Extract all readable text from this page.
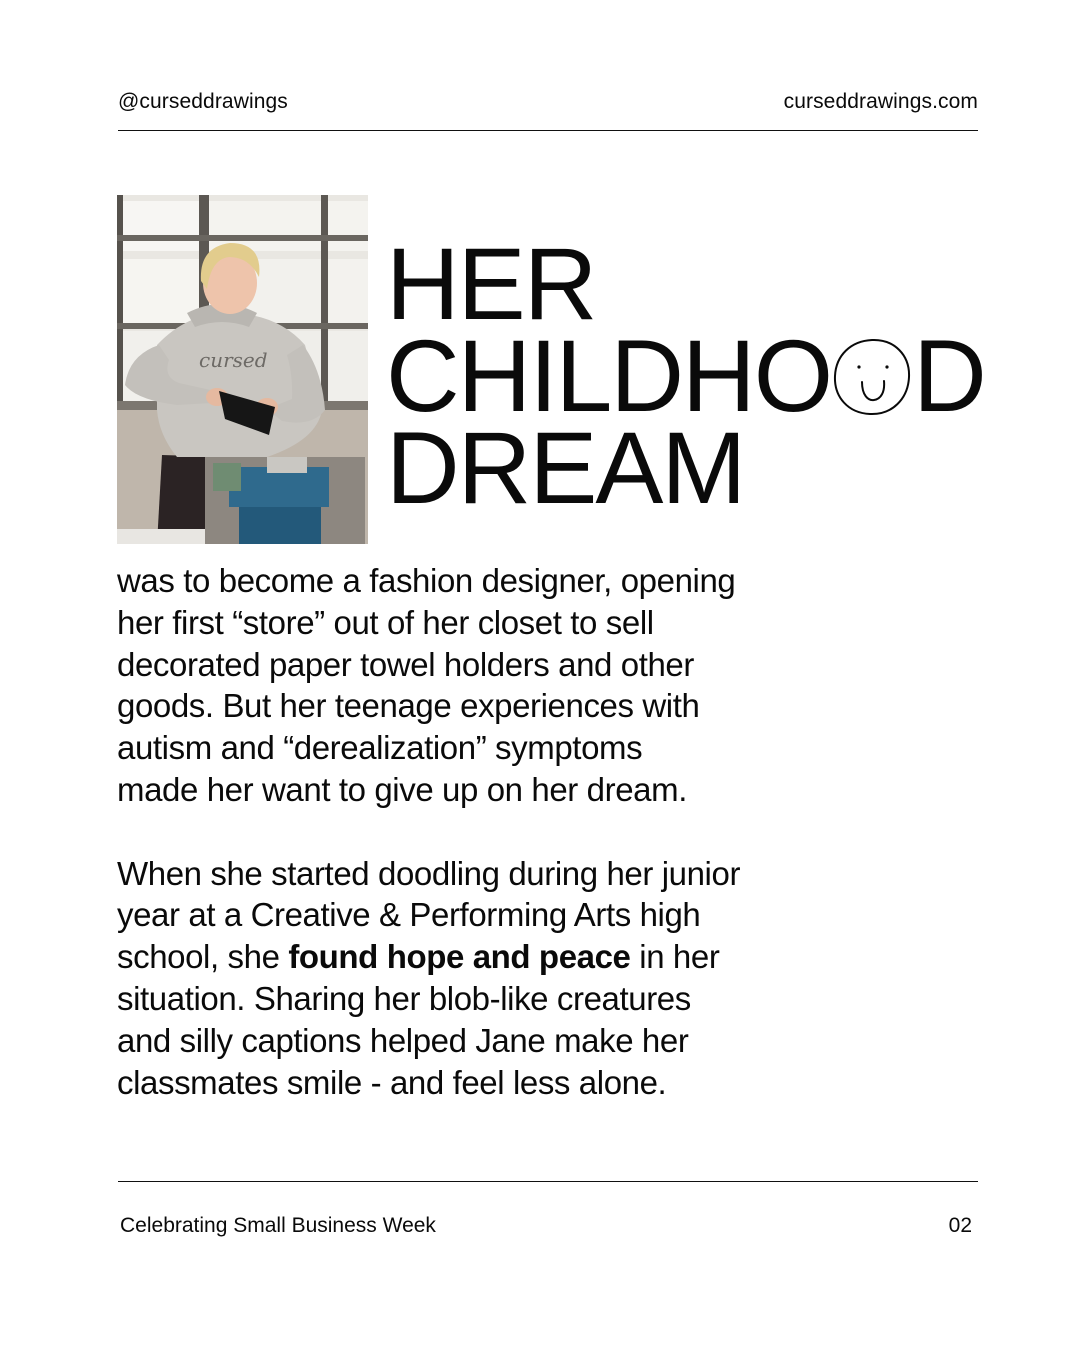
@curseddrawings	curseddrawings.com
cursed
HER
CHILDHO D
DREAM

was to become a fashion designer, opening
her first “store” out of her closet to sell
decorated paper towel holders and other
goods. But her teenage experiences with
autism and “derealization” symptoms
made her want to give up on her dream.

When she started doodling during her junior
year at a Creative & Performing Arts high
school, she found hope and peace in her
situation. Sharing her blob-like creatures
and silly captions helped Jane make her
classmates smile - and feel less alone.

Celebrating Small Business Week	02
